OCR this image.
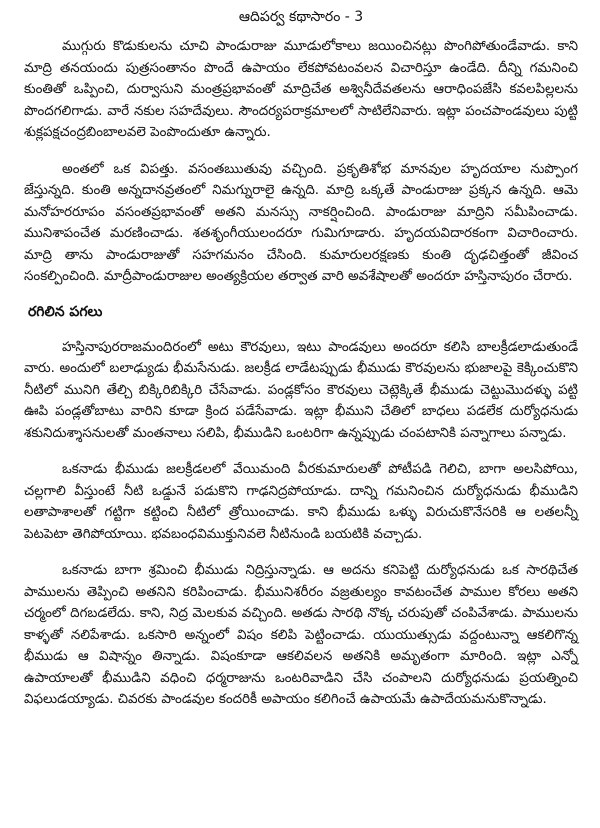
ఆదిపర్వ కథాసారం - 3

ముగ్గురు కొడుకులను చూచి పాండురాజు మూడులోకాలు జయించినట్లు పొంగిపోతుండేవాడు. కాని మాద్రి తనయందు పుత్రసంతానం పొందే ఉపాయం లేకపోవటంవలన విచారిస్తూ ఉండేది. దీన్ని గమనించి కుంతితో ఒప్పించి, దుర్వాసుని మంత్రప్రభావంతో మాద్రిచేత అశ్వినీదేవతలను ఆరాధింపజేసి కవలపిల్లలను పొందగలిగాడు. వారే నకుల సహదేవులు. సౌందర్యపరాక్రమాలలో సాటిలేనివారు. ఇట్లా పంచపాండవులు పుట్టి శుక్లపక్షచంద్రబింబాలవలె పెంపొందుతూ ఉన్నారు.

అంతలో ఒక విపత్తు. వసంతఋతువు వచ్చింది. ప్రకృతిశోభ మానవుల హృదయాల నుప్పొంగ జేస్తున్నది. కుంతి అన్నదానవ్రతంలో నిమగ్నురాలై ఉన్నది. మాద్రి ఒక్కతే పాండురాజు ప్రక్కన ఉన్నది. ఆమె మనోహరరూపం వసంతప్రభావంతో అతని మనస్సు నాకర్షించింది. పాండురాజు మాద్రిని సమీపించాడు. మునిశాపంచేత మరణించాడు. శతశృంగీయులందరూ గుమిగూడారు. హృదయవిదారకంగా విచారించారు. మాద్రి తాను పాండురాజుతో సహగమనం చేసింది. కుమారులరక్షణకు కుంతి దృఢచిత్తంతో జీవించ సంకల్పించింది. మాద్రీపాండురాజుల అంత్యక్రియల తర్వాత వారి అవశేషాలతో అందరూ హస్తినాపురం చేరారు.

రగిలిన పగలు

హస్తినాపురరాజమందిరంలో అటు కౌరవులు, ఇటు పాండవులు అందరూ కలిసి బాలక్రీడలాడుతుండే వారు. అందులో బలాఢ్యుడు భీమసేనుడు. జలక్రీడ లాడేటప్పుడు భీముడు కౌరవులను భుజాలపై కెక్కించుకొని నీటిలో మునిగి తేల్చి బిక్కిరిబిక్కిరి చేసేవాడు. పండ్లకోసం కౌరవులు చెట్లెక్కితే భీముడు చెట్టుమొదళ్ళు పట్టి ఊపి పండ్లతోబాటు వారిని కూడా క్రింద పడేసేవాడు. ఇట్లా భీముని చేతిలో బాధలు పడలేక దుర్యోధనుడు శకునిదుశ్శాసనులతో మంతనాలు సలిపి, భీముడిని ఒంటరిగా ఉన్నప్పుడు చంపటానికి పన్నాగాలు పన్నాడు.

ఒకనాడు భీముడు జలక్రీడలలో వేయిమంది వీరకుమారులతో పోటీపడి గెలిచి, బాగా అలసిపోయి, చల్లగాలి వీస్తుంటే నీటి ఒడ్డునే పడుకొని గాఢనిద్రపోయాడు. దాన్ని గమనించిన దుర్యోధనుడు భీముడిని లతాపాశాలతో గట్టిగా కట్టించి నీటిలో త్రోయించాడు. కాని భీముడు ఒళ్ళు విరుచుకొనేసరికి ఆ లతలన్నీ పెటపెటా తెగిపోయాయి. భవబంధవిముక్తునివలె నీటినుండి బయటికి వచ్చాడు.

ఒకనాడు బాగా శ్రమించి భీముడు నిద్రిస్తున్నాడు. ఆ అదను కనిపెట్టి దుర్యోధనుడు ఒక సారథిచేత పాములను తెప్పించి అతనిని కరిపించాడు. భీమునిశరీరం వజ్రతుల్యం కావటంచేత పాముల కోరలు అతని చర్మంలో దిగబడలేదు. కాని, నిద్ర మెలకువ వచ్చింది. అతడు సారథి నొక్క చరుపుతో చంపివేశాడు. పాములను కాళ్ళతో నలిపేశాడు. ఒకసారి అన్నంలో విషం కలిపి పెట్టించాడు. యుయుత్సుడు వద్దంటున్నా ఆకలిగొన్న భీముడు ఆ విషాన్నం తిన్నాడు. విషంకూడా ఆకలివలన అతనికి అమృతంగా మారింది. ఇట్లా ఎన్నో ఉపాయాలతో భీముడిని వధించి ధర్మరాజును ఒంటరివాడిని చేసి చంపాలని దుర్యోధనుడు ప్రయత్నించి విఫలుడయ్యాడు. చివరకు పాండవుల కందరికీ అపాయం కలిగించే ఉపాయమే ఉపాదేయమనుకొన్నాడు.
